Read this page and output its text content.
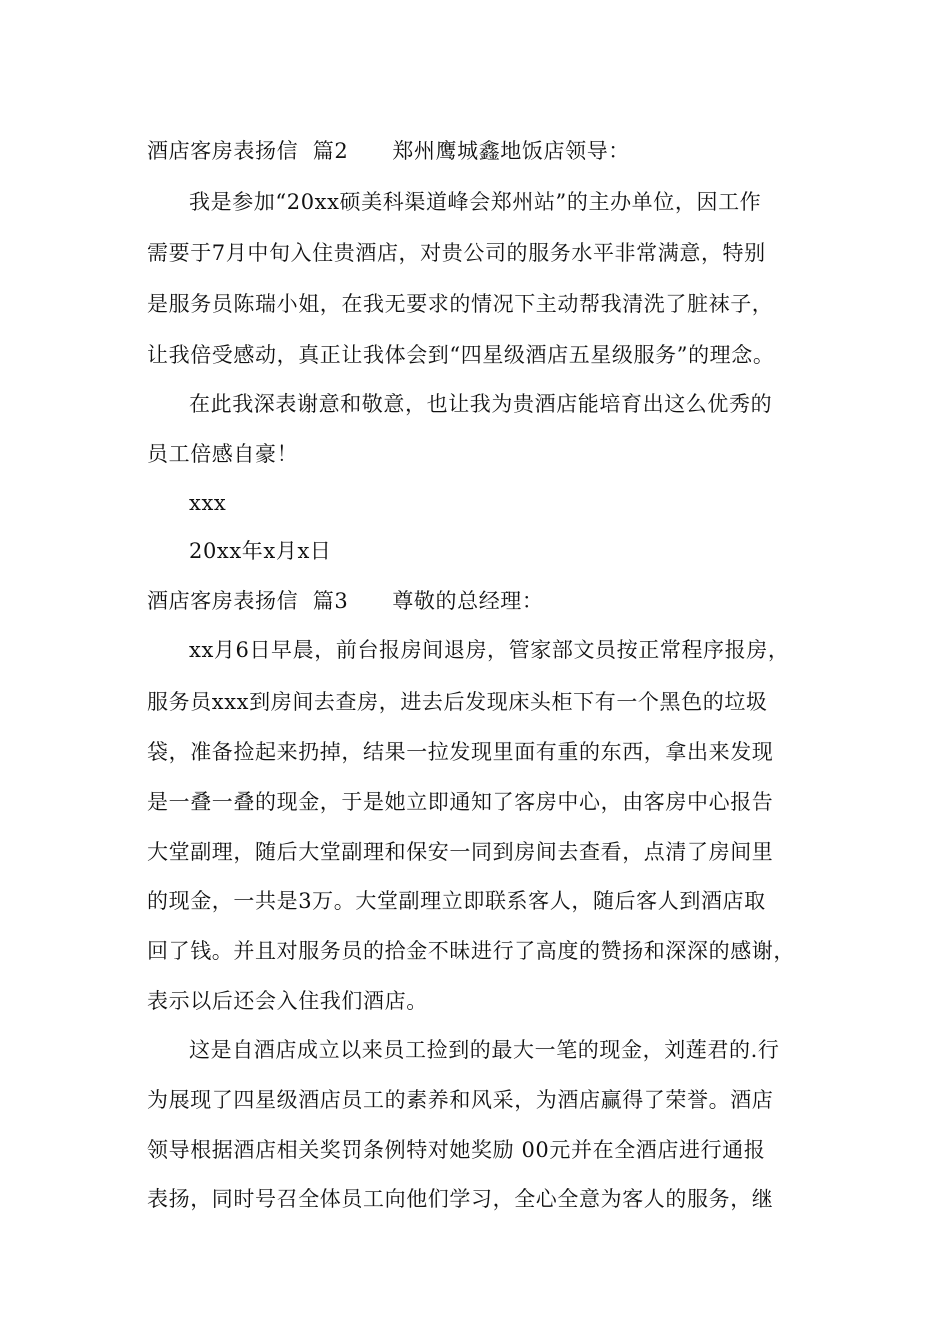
酒店客房表扬信  篇2 郑州鹰城鑫地饭店领导：
我是参加“20xx硕美科渠道峰会郑州站”的主办单位，因工作
需要于7月中旬入住贵酒店，对贵公司的服务水平非常满意，特别
是服务员陈瑞小姐，在我无要求的情况下主动帮我清洗了脏袜子，
让我倍受感动，真正让我体会到“四星级酒店五星级服务”的理念。
在此我深表谢意和敬意，也让我为贵酒店能培育出这么优秀的
员工倍感自豪！
xxx
20xx年x月x日
酒店客房表扬信  篇3 尊敬的总经理：
xx月6日早晨，前台报房间退房，管家部文员按正常程序报房，
服务员xxx到房间去查房，进去后发现床头柜下有一个黑色的垃圾
袋，准备捡起来扔掉，结果一拉发现里面有重的东西，拿出来发现
是一叠一叠的现金，于是她立即通知了客房中心，由客房中心报告
大堂副理，随后大堂副理和保安一同到房间去查看，点清了房间里
的现金，一共是3万。大堂副理立即联系客人，随后客人到酒店取
回了钱。并且对服务员的拾金不昧进行了高度的赞扬和深深的感谢，
表示以后还会入住我们酒店。
这是自酒店成立以来员工捡到的最大一笔的现金，刘莲君的.行
为展现了四星级酒店员工的素养和风采，为酒店赢得了荣誉。酒店
领导根据酒店相关奖罚条例特对她奖励 00元并在全酒店进行通报
表扬，同时号召全体员工向他们学习，全心全意为客人的服务，继
